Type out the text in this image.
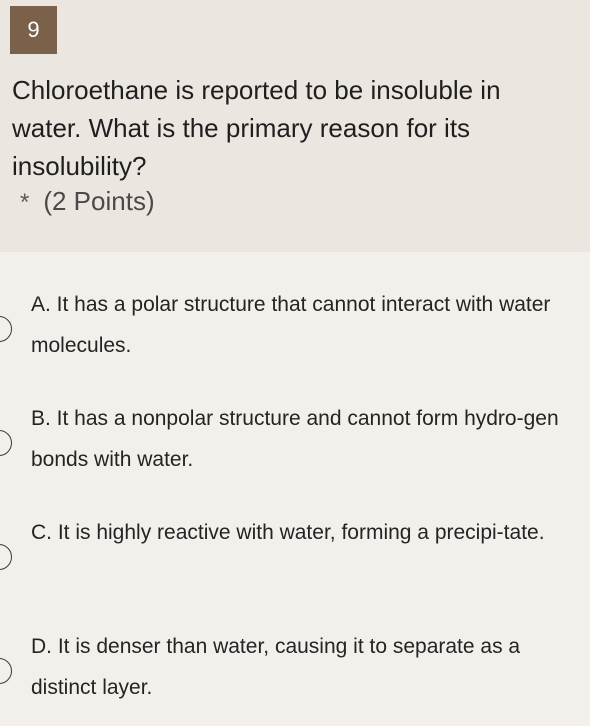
9

Chloroethane is reported to be insoluble in water. What is the primary reason for its insolubility?

* (2 Points)
A. It has a polar structure that cannot interact with water molecules.
B. It has a nonpolar structure and cannot form hydro-gen bonds with water.
C. It is highly reactive with water, forming a precipi-tate.
D. It is denser than water, causing it to separate as a distinct layer.
